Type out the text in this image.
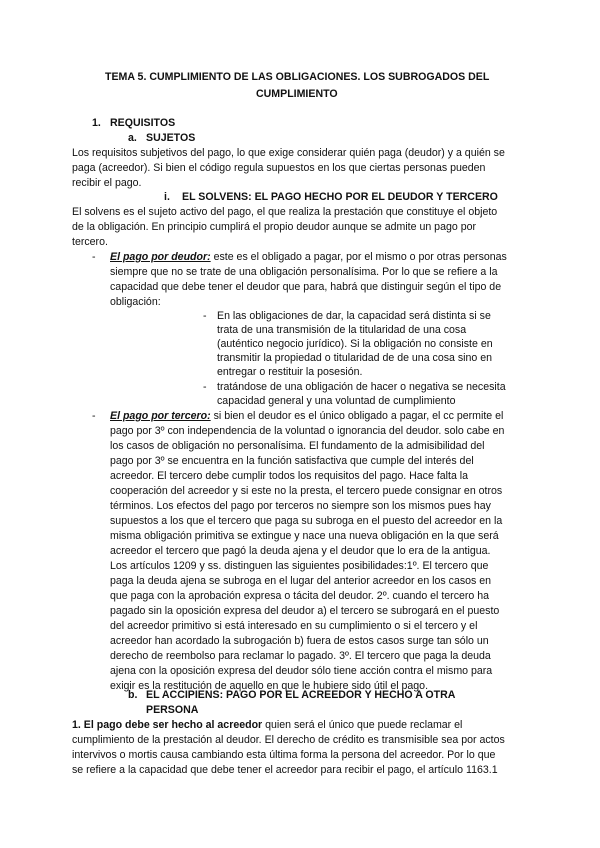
TEMA 5. CUMPLIMIENTO DE LAS OBLIGACIONES. LOS SUBROGADOS DEL
CUMPLIMIENTO
1. REQUISITOS
a. SUJETOS
Los requisitos subjetivos del pago, lo que exige considerar quién paga (deudor) y a quién se
paga (acreedor). Si bien el código regula supuestos en los que ciertas personas pueden
recibir el pago.
i. EL SOLVENS: EL PAGO HECHO POR EL DEUDOR Y TERCERO
El solvens es el sujeto activo del pago, el que realiza la prestación que constituye el objeto
de la obligación. En principio cumplirá el propio deudor aunque se admite un pago por
tercero.
- El pago por deudor: este es el obligado a pagar, por el mismo o por otras personas
siempre que no se trate de una obligación personalísima. Por lo que se refiere a la
capacidad que debe tener el deudor que para, habrá que distinguir según el tipo de
obligación:
- En las obligaciones de dar, la capacidad será distinta si se
trata de una transmisión de la titularidad de una cosa
(auténtico negocio jurídico). Si la obligación no consiste en
transmitir la propiedad o titularidad de de una cosa sino en
entregar o restituir la posesión.
- tratándose de una obligación de hacer o negativa se necesita
capacidad general y una voluntad de cumplimiento
- El pago por tercero: si bien el deudor es el único obligado a pagar, el cc permite el
pago por 3º con independencia de la voluntad o ignorancia del deudor. solo cabe en
los casos de obligación no personalísima. El fundamento de la admisibilidad del
pago por 3º se encuentra en la función satisfactiva que cumple del interés del
acreedor. El tercero debe cumplir todos los requisitos del pago. Hace falta la
cooperación del acreedor y si este no la presta, el tercero puede consignar en otros
términos. Los efectos del pago por terceros no siempre son los mismos pues hay
supuestos a los que el tercero que paga su subroga en el puesto del acreedor en la
misma obligación primitiva se extingue y nace una nueva obligación en la que será
acreedor el tercero que pagó la deuda ajena y el deudor que lo era de la antigua.
Los artículos 1209 y ss. distinguen las siguientes posibilidades:1º. El tercero que
paga la deuda ajena se subroga en el lugar del anterior acreedor en los casos en
que paga con la aprobación expresa o tácita del deudor. 2º. cuando el tercero ha
pagado sin la oposición expresa del deudor a) el tercero se subrogará en el puesto
del acreedor primitivo si está interesado en su cumplimiento o si el tercero y el
acreedor han acordado la subrogación b) fuera de estos casos surge tan sólo un
derecho de reembolso para reclamar lo pagado. 3º. El tercero que paga la deuda
ajena con la oposición expresa del deudor sólo tiene acción contra el mismo para
exigir es la restitución de aquello en que le hubiere sido útil el pago.
b. EL ACCIPIENS: PAGO POR EL ACREEDOR Y HECHO A OTRA
PERSONA
1. El pago debe ser hecho al acreedor quien será el único que puede reclamar el
cumplimiento de la prestación al deudor. El derecho de crédito es transmisible sea por actos
intervivos o mortis causa cambiando esta última forma la persona del acreedor. Por lo que
se refiere a la capacidad que debe tener el acreedor para recibir el pago, el artículo 1163.1
